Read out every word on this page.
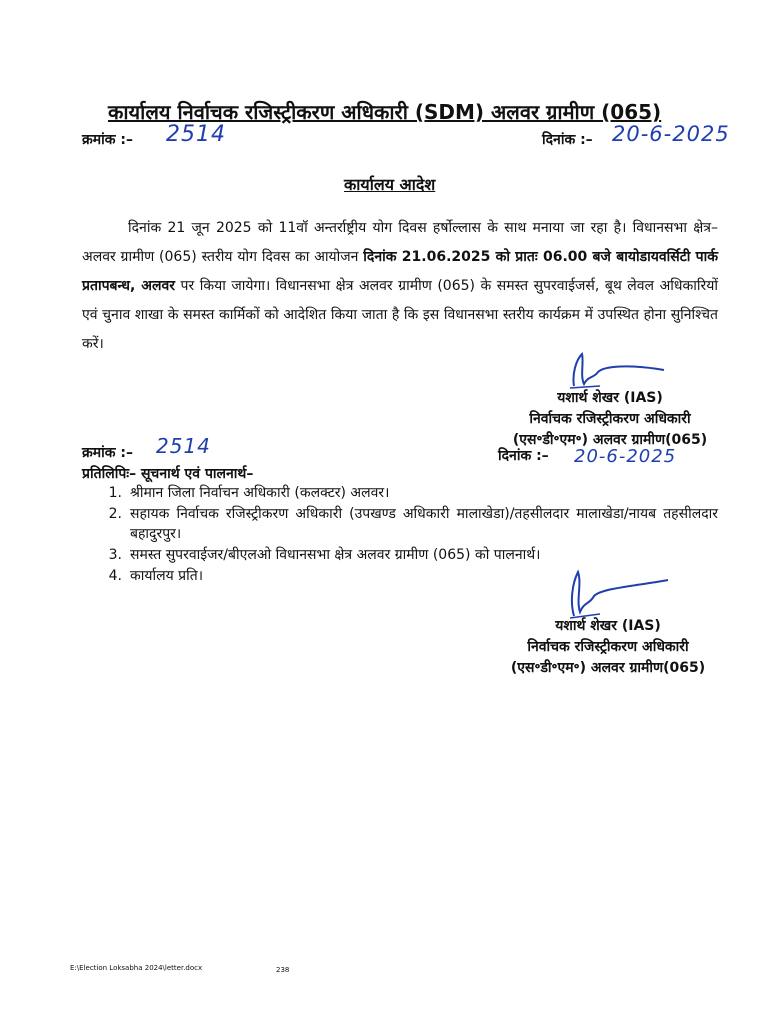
कार्यालय निर्वाचक रजिस्ट्रीकरण अधिकारी (SDM) अलवर ग्रामीण (065)
क्रमांक :– 2514	दिनांक :– 20-6-2025
कार्यालय आदेश
दिनांक 21 जून 2025 को 11वॉ अन्तर्राष्ट्रीय योग दिवस हर्षोल्लास के साथ मनाया जा रहा है। विधानसभा क्षेत्र–अलवर ग्रामीण (065) स्तरीय योग दिवस का आयोजन दिनांक 21.06.2025 को प्रातः 06.00 बजे बायोडायवर्सिटी पार्क प्रतापबन्ध, अलवर पर किया जायेगा। विधानसभा क्षेत्र अलवर ग्रामीण (065) के समस्त सुपरवाईजर्स, बूथ लेवल अधिकारियों एवं चुनाव शाखा के समस्त कार्मिकों को आदेशित किया जाता है कि इस विधानसभा स्तरीय कार्यक्रम में उपस्थित होना सुनिश्चित करें।
यशार्थ शेखर (IAS)
निर्वाचक रजिस्ट्रीकरण अधिकारी
(एस॰डी॰एम॰) अलवर ग्रामीण(065)
क्रमांक :– 2514	दिनांक :– 20-6-2025
प्रतिलिपिः– सूचनार्थ एवं पालनार्थ–
1. श्रीमान जिला निर्वाचन अधिकारी (कलक्टर) अलवर।
2. सहायक निर्वाचक रजिस्ट्रीकरण अधिकारी (उपखण्ड अधिकारी मालाखेडा)/तहसीलदार मालाखेडा/नायब तहसीलदार बहादुरपुर।
3. समस्त सुपरवाईजर/बीएलओ विधानसभा क्षेत्र अलवर ग्रामीण (065) को पालनार्थ।
4. कार्यालय प्रति।
यशार्थ शेखर (IAS)
निर्वाचक रजिस्ट्रीकरण अधिकारी
(एस॰डी॰एम॰) अलवर ग्रामीण(065)
E:\Election Loksabha 2024\letter.docx	238
